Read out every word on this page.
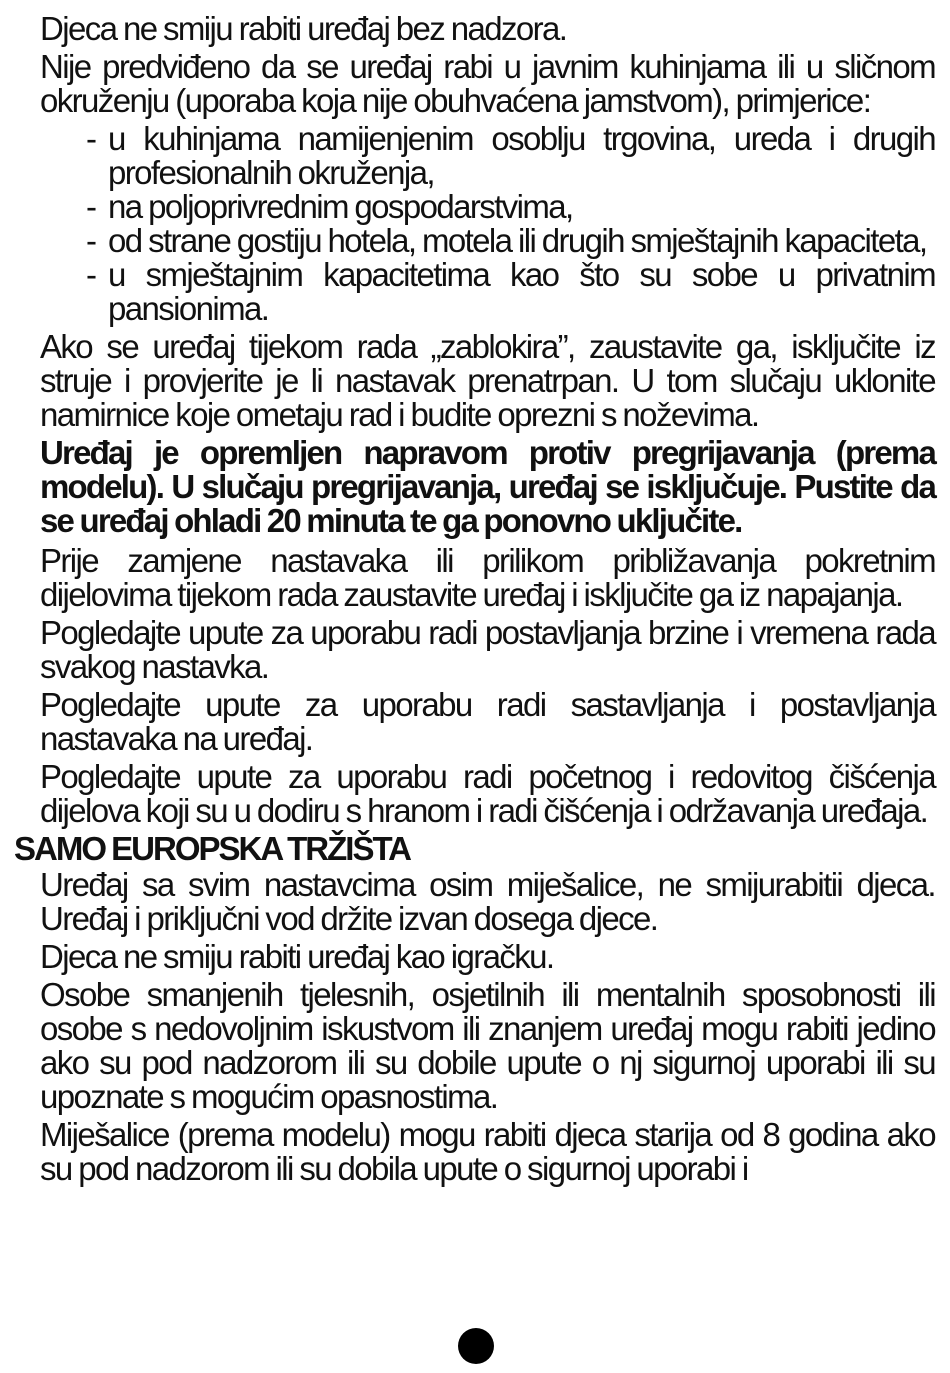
Djeca ne smiju rabiti uređaj bez nadzora.

Nije predviđeno da se uređaj rabi u javnim kuhinjama ili u sličnom okruženju (uporaba koja nije obuhvaćena jamstvom), primjerice:

- u kuhinjama namijenjenim osoblju trgovina, ureda i drugih profesionalnih okruženja,
- na poljoprivrednim gospodarstvima,
- od strane gostiju hotela, motela ili drugih smještajnih kapaciteta,
- u smještajnim kapacitetima kao što su sobe u privatnim pansionima.

Ako se uređaj tijekom rada „zablokira”, zaustavite ga, isključite iz struje i provjerite je li nastavak prenatrpan. U tom slučaju uklonite namirnice koje ometaju rad i budite oprezni s noževima.

Uređaj je opremljen napravom protiv pregrijavanja (prema modelu). U slučaju pregrijavanja, uređaj se isključuje. Pustite da se uređaj ohladi 20 minuta te ga ponovno uključite.

Prije zamjene nastavaka ili prilikom približavanja pokretnim dijelovima tijekom rada zaustavite uređaj i isključite ga iz napajanja.

Pogledajte upute za uporabu radi postavljanja brzine i vremena rada svakog nastavka.

Pogledajte upute za uporabu radi sastavljanja i postavljanja nastavaka na uređaj.

Pogledajte upute za uporabu radi početnog i redovitog čišćenja dijelova koji su u dodiru s hranom i radi čišćenja i održavanja uređaja.

SAMO EUROPSKA TRŽIŠTA

Uređaj sa svim nastavcima osim miješalice, ne smijurabitii djeca. Uređaj i priključni vod držite izvan dosega djece.

Djeca ne smiju rabiti uređaj kao igračku.

Osobe smanjenih tjelesnih, osjetilnih ili mentalnih sposobnosti ili osobe s nedovoljnim iskustvom ili znanjem uređaj mogu rabiti jedino ako su pod nadzorom ili su dobile upute o nj sigurnoj uporabi ili su upoznate s mogućim opasnostima.

Miješalice (prema modelu) mogu rabiti djeca starija od 8 godina ako su pod nadzorom ili su dobila upute o sigurnoj uporabi i
